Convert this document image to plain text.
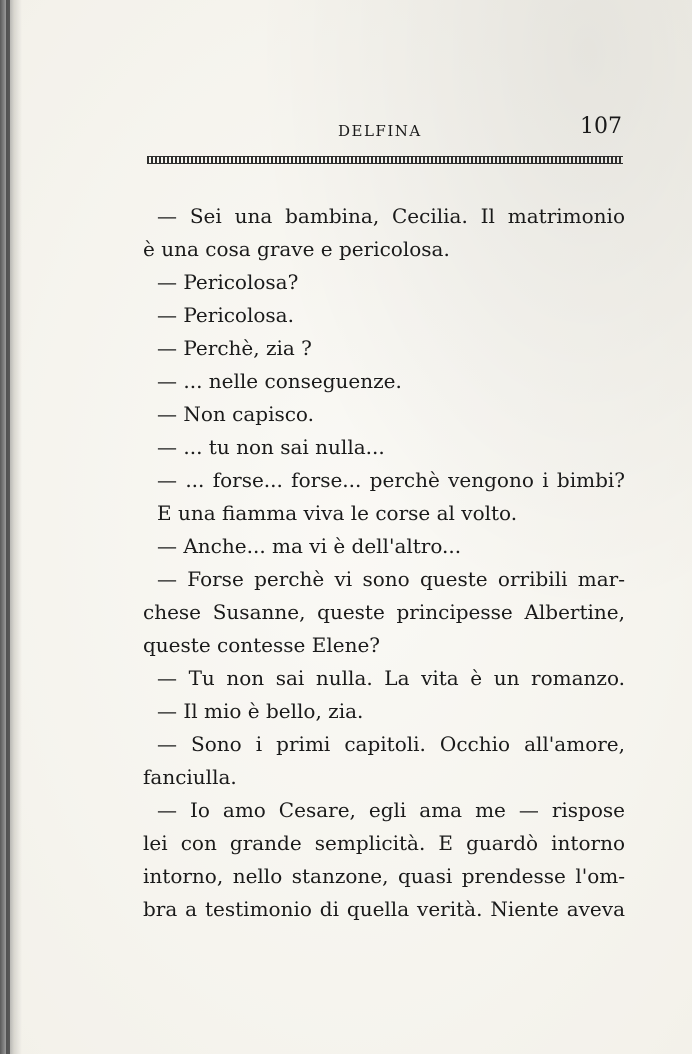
DELFINA	107
— Sei una bambina, Cecilia. Il matrimonio
è una cosa grave e pericolosa.
— Pericolosa?
— Pericolosa.
— Perchè, zia ?
— ... nelle conseguenze.
— Non capisco.
— ... tu non sai nulla...
— ... forse... forse... perchè vengono i bimbi?
E una fiamma viva le corse al volto.
— Anche... ma vi è dell'altro...
— Forse perchè vi sono queste orribili mar-
chese Susanne, queste principesse Albertine,
queste contesse Elene?
— Tu non sai nulla. La vita è un romanzo.
— Il mio è bello, zia.
— Sono i primi capitoli. Occhio all'amore,
fanciulla.
— Io amo Cesare, egli ama me — rispose
lei con grande semplicità. E guardò intorno
intorno, nello stanzone, quasi prendesse l'om-
bra a testimonio di quella verità. Niente aveva
